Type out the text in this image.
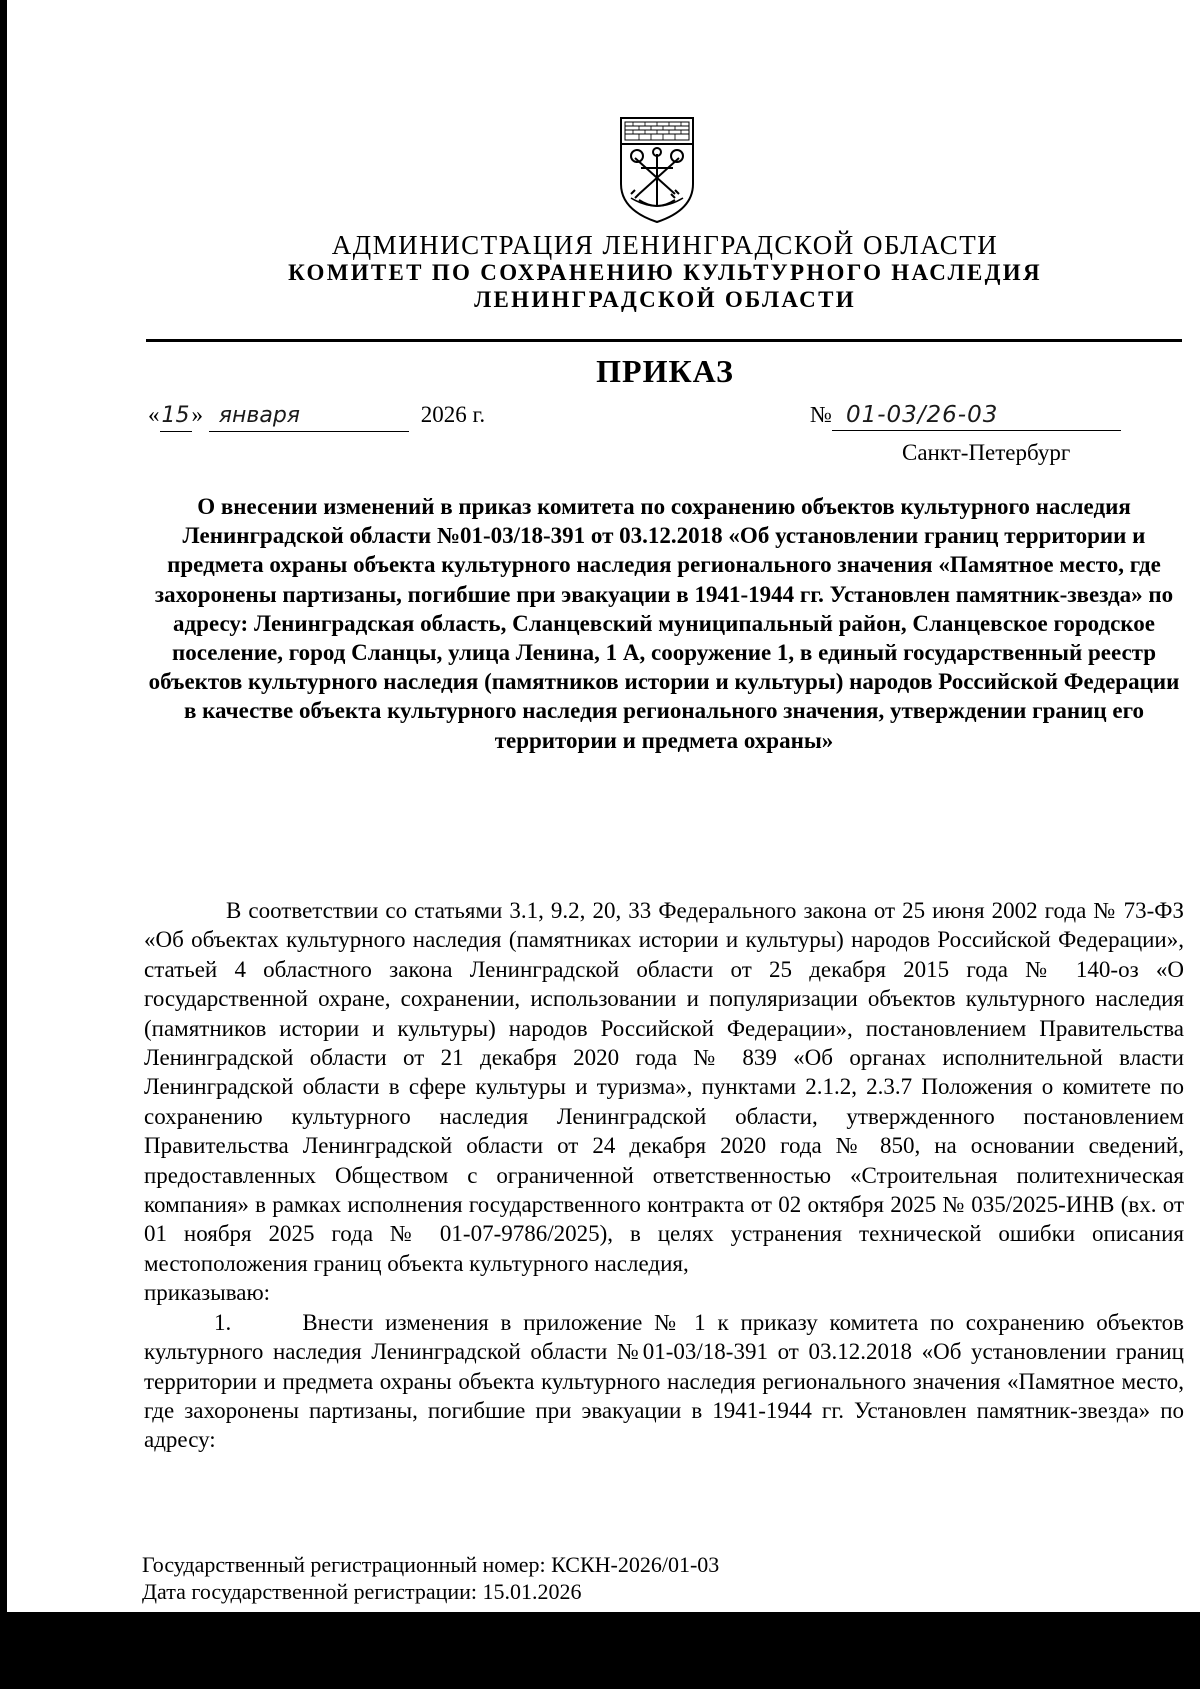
АДМИНИСТРАЦИЯ ЛЕНИНГРАДСКОЙ ОБЛАСТИ
КОМИТЕТ ПО СОХРАНЕНИЮ КУЛЬТУРНОГО НАСЛЕДИЯ
ЛЕНИНГРАДСКОЙ ОБЛАСТИ
ПРИКАЗ
«15» января	2026 г.	№ 01-03/26-03
Санкт-Петербург

О внесении изменений в приказ комитета по сохранению объектов культурного наследия Ленинградской области №01-03/18-391 от 03.12.2018 «Об установлении границ территории и предмета охраны объекта культурного наследия регионального значения «Памятное место, где захоронены партизаны, погибшие при эвакуации в 1941-1944 гг. Установлен памятник-звезда» по адресу: Ленинградская область, Сланцевский муниципальный район, Сланцевское городское поселение, город Сланцы, улица Ленина, 1 А, сооружение 1, в единый государственный реестр объектов культурного наследия (памятников истории и культуры) народов Российской Федерации в качестве объекта культурного наследия регионального значения, утверждении границ его территории и предмета охраны»

В соответствии со статьями 3.1, 9.2, 20, 33 Федерального закона от 25 июня 2002 года № 73-ФЗ «Об объектах культурного наследия (памятниках истории и культуры) народов Российской Федерации», статьей 4 областного закона Ленинградской области от 25 декабря 2015 года № 140-оз «О государственной охране, сохранении, использовании и популяризации объектов культурного наследия (памятников истории и культуры) народов Российской Федерации», постановлением Правительства Ленинградской области от 21 декабря 2020 года № 839 «Об органах исполнительной власти Ленинградской области в сфере культуры и туризма», пунктами 2.1.2, 2.3.7 Положения о комитете по сохранению культурного наследия Ленинградской области, утвержденного постановлением Правительства Ленинградской области от 24 декабря 2020 года № 850, на основании сведений, предоставленных Обществом с ограниченной ответственностью «Строительная политехническая компания» в рамках исполнения государственного контракта от 02 октября 2025 № 035/2025-ИНВ (вх. от 01 ноября 2025 года № 01-07-9786/2025), в целях устранения технической ошибки описания местоположения границ объекта культурного наследия,

приказываю:

1.	Внести изменения в приложение № 1 к приказу комитета по сохранению объектов культурного наследия Ленинградской области №01-03/18-391 от 03.12.2018 «Об установлении границ территории и предмета охраны объекта культурного наследия регионального значения «Памятное место, где захоронены партизаны, погибшие при эвакуации в 1941-1944 гг. Установлен памятник-звезда» по адресу:

Государственный регистрационный номер: КСКН-2026/01-03
Дата государственной регистрации: 15.01.2026
